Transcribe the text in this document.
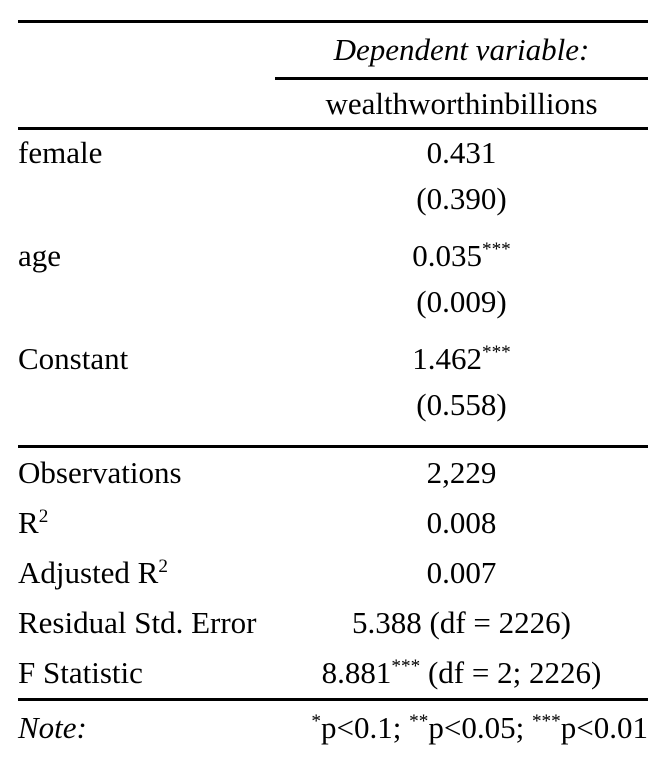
Dependent variable:
wealthworthinbillions
female	0.431
(0.390)
age	0.035***
(0.009)
Constant	1.462***
(0.558)
Observations	2,229
R2	0.008
Adjusted R2	0.007
Residual Std. Error	5.388 (df = 2226)
F Statistic	8.881*** (df = 2; 2226)
Note:	*p<0.1; **p<0.05; ***p<0.01
